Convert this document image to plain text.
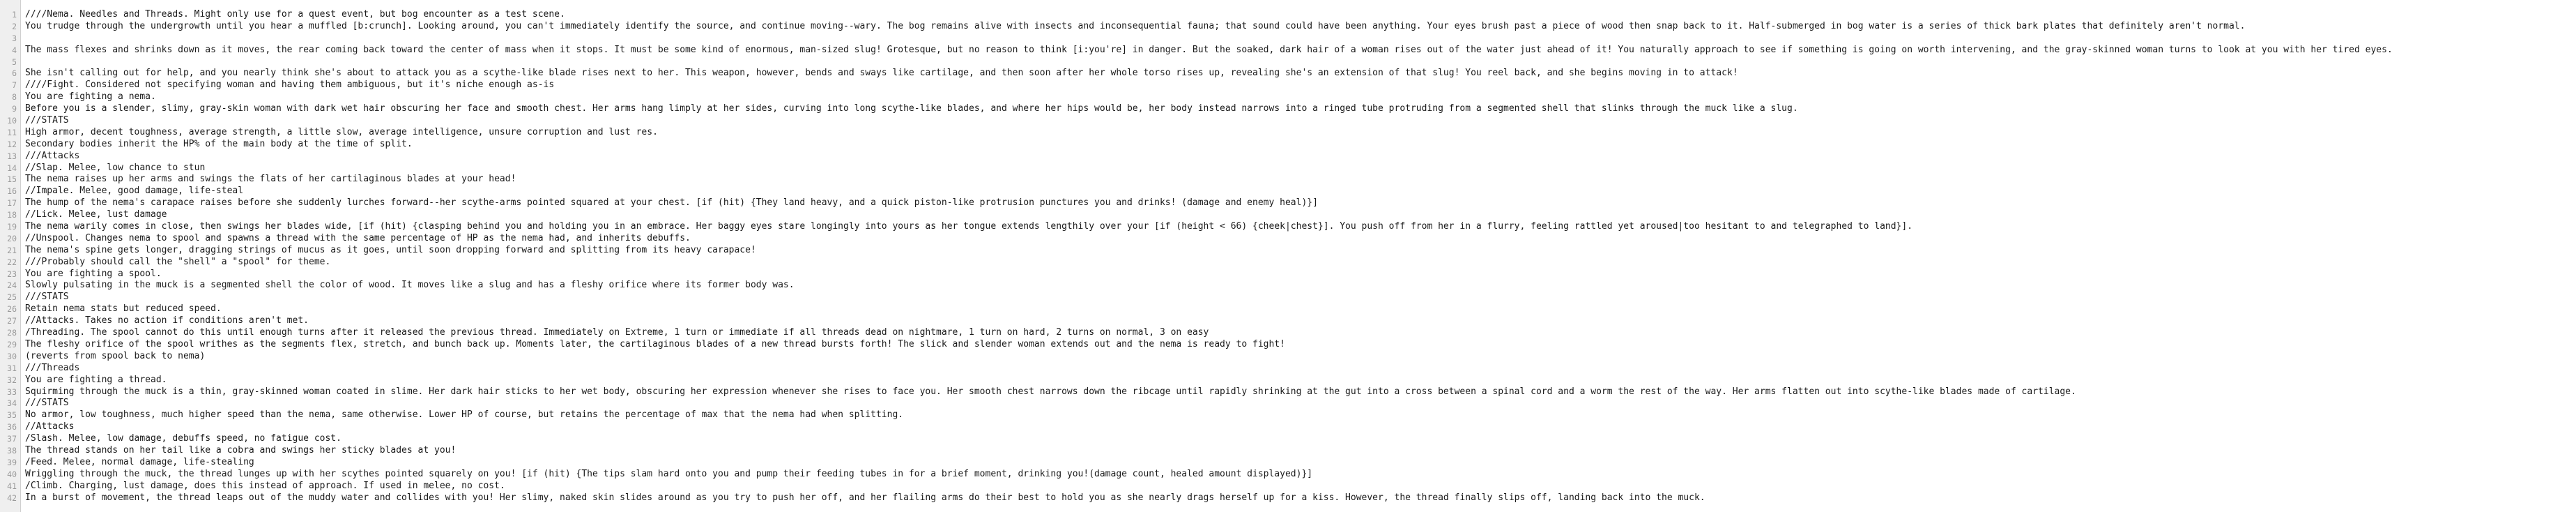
1
2
3
4
5
6
7
8
9
10
11
12
13
14
15
16
17
18
19
20
21
22
23
24
25
26
27
28
29
30
31
32
33
34
35
36
37
38
39
40
41
42
////Nema. Needles and Threads. Might only use for a quest event, but bog encounter as a test scene.
You trudge through the undergrowth until you hear a muffled [b:crunch]. Looking around, you can't immediately identify the source, and continue moving--wary. The bog remains alive with insects and inconsequential fauna; that sound could have been anything. Your eyes brush past a piece of wood then snap back to it. Half-submerged in bog water is a series of thick bark plates that definitely aren't normal.
The mass flexes and shrinks down as it moves, the rear coming back toward the center of mass when it stops. It must be some kind of enormous, man-sized slug! Grotesque, but no reason to think [i:you're] in danger. But the soaked, dark hair of a woman rises out of the water just ahead of it! You naturally approach to see if something is going on worth intervening, and the gray-skinned woman turns to look at you with her tired eyes.
She isn't calling out for help, and you nearly think she's about to attack you as a scythe-like blade rises next to her. This weapon, however, bends and sways like cartilage, and then soon after her whole torso rises up, revealing she's an extension of that slug! You reel back, and she begins moving in to attack!
////Fight. Considered not specifying woman and having them ambiguous, but it's niche enough as-is
You are fighting a nema.
Before you is a slender, slimy, gray-skin woman with dark wet hair obscuring her face and smooth chest. Her arms hang limply at her sides, curving into long scythe-like blades, and where her hips would be, her body instead narrows into a ringed tube protruding from a segmented shell that slinks through the muck like a slug.
///STATS
High armor, decent toughness, average strength, a little slow, average intelligence, unsure corruption and lust res.
Secondary bodies inherit the HP% of the main body at the time of split.
///Attacks
//Slap. Melee, low chance to stun
The nema raises up her arms and swings the flats of her cartilaginous blades at your head!
//Impale. Melee, good damage, life-steal
The hump of the nema's carapace raises before she suddenly lurches forward--her scythe-arms pointed squared at your chest. [if (hit) {They land heavy, and a quick piston-like protrusion punctures you and drinks! (damage and enemy heal)}]
//Lick. Melee, lust damage
The nema warily comes in close, then swings her blades wide, [if (hit) {clasping behind you and holding you in an embrace. Her baggy eyes stare longingly into yours as her tongue extends lengthily over your [if (height < 66) {cheek|chest}]. You push off from her in a flurry, feeling rattled yet aroused|too hesitant to and telegraphed to land}].
//Unspool. Changes nema to spool and spawns a thread with the same percentage of HP as the nema had, and inherits debuffs.
The nema's spine gets longer, dragging strings of mucus as it goes, until soon dropping forward and splitting from its heavy carapace!
///Probably should call the "shell" a "spool" for theme.
You are fighting a spool.
Slowly pulsating in the muck is a segmented shell the color of wood. It moves like a slug and has a fleshy orifice where its former body was.
///STATS
Retain nema stats but reduced speed.
//Attacks. Takes no action if conditions aren't met.
/Threading. The spool cannot do this until enough turns after it released the previous thread. Immediately on Extreme, 1 turn or immediate if all threads dead on nightmare, 1 turn on hard, 2 turns on normal, 3 on easy
The fleshy orifice of the spool writhes as the segments flex, stretch, and bunch back up. Moments later, the cartilaginous blades of a new thread bursts forth! The slick and slender woman extends out and the nema is ready to fight!
(reverts from spool back to nema)
///Threads
You are fighting a thread.
Squirming through the muck is a thin, gray-skinned woman coated in slime. Her dark hair sticks to her wet body, obscuring her expression whenever she rises to face you. Her smooth chest narrows down the ribcage until rapidly shrinking at the gut into a cross between a spinal cord and a worm the rest of the way. Her arms flatten out into scythe-like blades made of cartilage.
///STATS
No armor, low toughness, much higher speed than the nema, same otherwise. Lower HP of course, but retains the percentage of max that the nema had when splitting.
//Attacks
/Slash. Melee, low damage, debuffs speed, no fatigue cost.
The thread stands on her tail like a cobra and swings her sticky blades at you!
/Feed. Melee, normal damage, life-stealing
Wriggling through the muck, the thread lunges up with her scythes pointed squarely on you! [if (hit) {The tips slam hard onto you and pump their feeding tubes in for a brief moment, drinking you!(damage count, healed amount displayed)}]
/Climb. Charging, lust damage, does this instead of approach. If used in melee, no cost.
In a burst of movement, the thread leaps out of the muddy water and collides with you! Her slimy, naked skin slides around as you try to push her off, and her flailing arms do their best to hold you as she nearly drags herself up for a kiss. However, the thread finally slips off, landing back into the muck.
